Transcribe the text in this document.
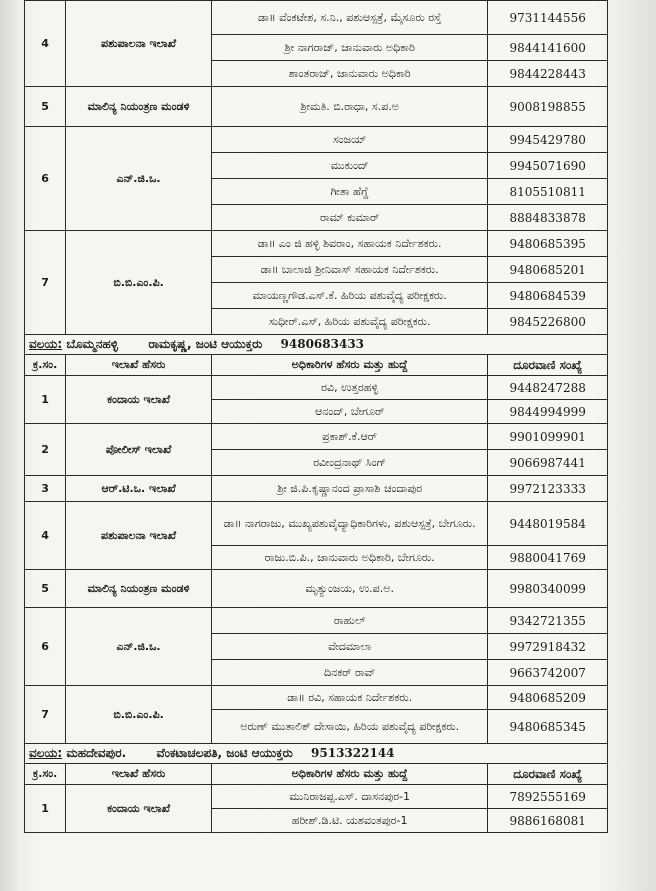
4	ಪಶುಪಾಲನಾ ಇಲಾಖೆ	ಡಾ॥ ವೆಂಕಟೇಶ, ಸ.ನಿ., ಪಶುಆಸ್ಪತ್ರೆ, ಮೈಸೂರು ರಸ್ತೆ	9731144556
		ಶ್ರೀ ನಾಗರಾಜ್, ಜಾನುವಾರು ಅಧಿಕಾರಿ	9844141600
		ಶಾಂತರಾಜ್, ಜಾನುವಾರು ಅಧಿಕಾರಿ	9844228443
5	ಮಾಲಿನ್ಯ ನಿಯಂತ್ರಣ ಮಂಡಳಿ	ಶ್ರೀಮತಿ. ಬಿ.ರಾಧಾ, ಸ.ಪ.ಅ	9008198855
6	ಎನ್.ಜಿ.ಒ.	ಸಂಜಯ್	9945429780
		ಮುಕುಂದ್	9945071690
		ಗೀತಾ ಹೆಗ್ಡೆ	8105510811
		ರಾಮ್ ಕುಮಾರ್	8884833878
7	ಬಿ.ಬಿ.ಎಂ.ಪಿ.	ಡಾ॥ ಎಂ ಜಿ ಹಳ್ಳಿ ಶಿವರಾಂ, ಸಹಾಯಕ ನಿರ್ದೇಶಕರು.	9480685395
		ಡಾ॥ ಬಾಲಾಜಿ ಶ್ರೀನಿವಾಸ್ ಸಹಾಯಕ ನಿರ್ದೇಶಕರು.	9480685201
		ಮಾಯಣ್ಣಗೌಡ.ಎಸ್.ಕೆ. ಹಿರಿಯ ಪಶುವೈದ್ಯ ಪರೀಕ್ಷಕರು.	9480684539
		ಸುಧೀರ್.ಎಸ್, ಹಿರಿಯ ಪಶುವೈದ್ಯ ಪರೀಕ್ಷಕರು.	9845226800
ವಲಯ: ಬೊಮ್ಮನಹಳ್ಳಿ	ರಾಮಕೃಷ್ಣ, ಜಂಟಿ ಆಯುಕ್ತರು 9480683433
ಕ್ರ.ಸಂ.	ಇಲಾಖೆ ಹೆಸರು	ಅಧಿಕಾರಿಗಳ ಹೆಸರು ಮತ್ತು ಹುದ್ದೆ	ದೂರವಾಣಿ ಸಂಖ್ಯೆ
1	ಕಂದಾಯ ಇಲಾಖೆ	ರವಿ, ಉತ್ತರಹಳ್ಳಿ	9448247288
		ಆನಂದ್, ಬೇಗೂರ್	9844994999
2	ಪೋಲೀಸ್ ಇಲಾಖೆ	ಪ್ರಕಾಶ್.ಕೆ.ಆರ್	9901099901
		ರವೀಂದ್ರನಾಥ್ ಸಿಂಗ್	9066987441
3	ಆರ್.ಟಿ.ಒ. ಇಲಾಖೆ	ಶ್ರೀ ಜಿ.ಪಿ.ಕೃಷ್ಣಾನಂದ ಪ್ರಾಸಾಶಿ ಚಂದಾಪುರ	9972123333
4	ಪಶುಪಾಲನಾ ಇಲಾಖೆ	ಡಾ॥ ನಾಗರಾಜು, ಮುಖ್ಯಪಶುವೈದ್ಯಾಧಿಕಾರಿಗಳು, ಪಶುಆಸ್ಪತ್ರೆ, ಬೇಗೂರು.	9448019584
		ರಾಜು.ಬಿ.ಪಿ., ಜಾನುವಾರು ಅಧಿಕಾರಿ, ಬೇಗೂರು.	9880041769
5	ಮಾಲಿನ್ಯ ನಿಯಂತ್ರಣ ಮಂಡಳಿ	ಮೃತ್ಯುಂಜಯ, ಉ.ಪ.ಅ.	9980340099
6	ಎನ್.ಜಿ.ಒ.	ರಾಹುಲ್	9342721355
		ವೇದಮಾಲಾ	9972918432
		ದಿನಕರ್ ರಾವ್	9663742007
7	ಬಿ.ಬಿ.ಎಂ.ಪಿ.	ಡಾ॥ ರವಿ, ಸಹಾಯಕ ನಿರ್ದೇಶಕರು.	9480685209
		ಅರುಣ್ ಮುತಾಲಿಕ್ ದೇಸಾಯಿ, ಹಿರಿಯ ಪಶುವೈದ್ಯ ಪರೀಕ್ಷಕರು.	9480685345
ವಲಯ: ಮಹದೇವಪುರ.	ವೆಂಕಟಾಚಲಪತಿ, ಜಂಟಿ ಆಯುಕ್ತರು 9513322144
ಕ್ರ.ಸಂ.	ಇಲಾಖೆ ಹೆಸರು	ಅಧಿಕಾರಿಗಳ ಹೆಸರು ಮತ್ತು ಹುದ್ದೆ	ದೂರವಾಣಿ ಸಂಖ್ಯೆ
1	ಕಂದಾಯ ಇಲಾಖೆ	ಮುನಿರಾಜಪ್ಪ.ಎಸ್. ದಾಸನಪುರ-1	7892555169
		ಹರೀಶ್.ಡಿ.ಟಿ. ಯಶವಂತಪುರ-1	9886168081
